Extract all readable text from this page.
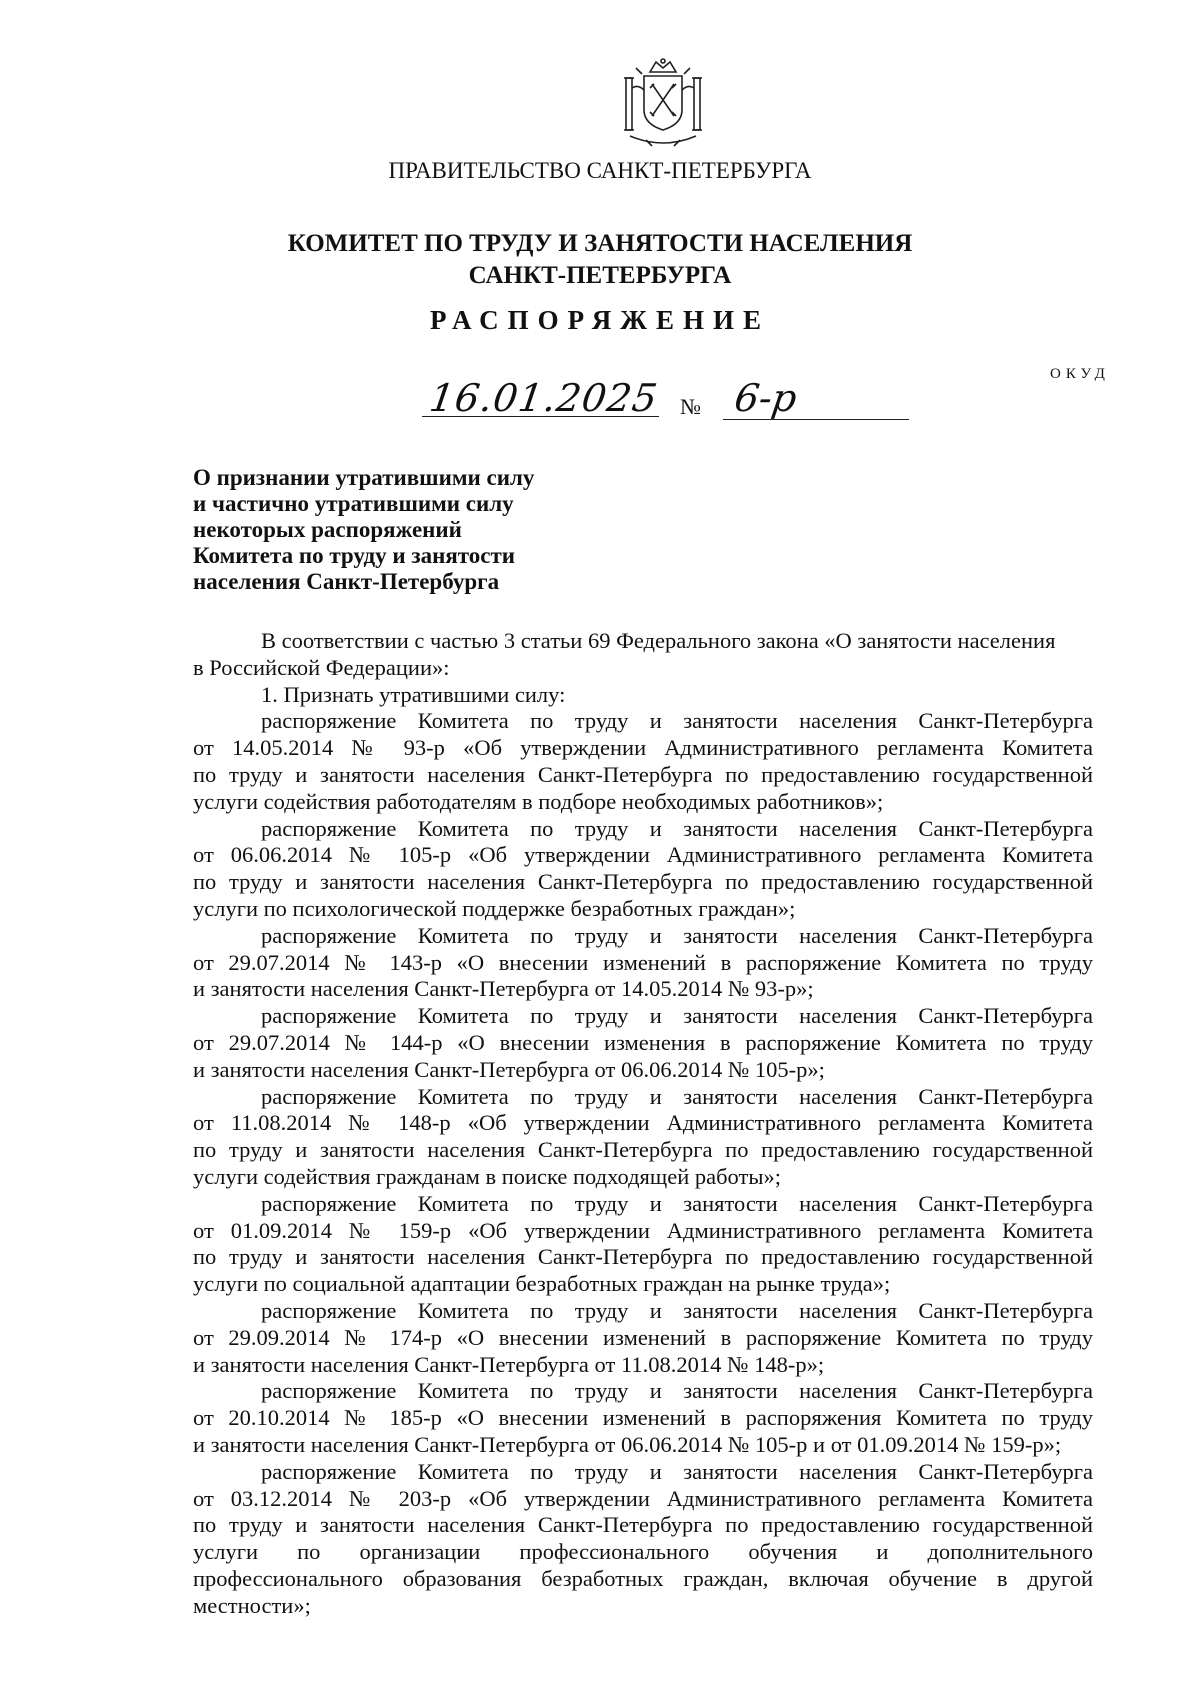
ПРАВИТЕЛЬСТВО САНКТ-ПЕТЕРБУРГА
КОМИТЕТ ПО ТРУДУ И ЗАНЯТОСТИ НАСЕЛЕНИЯ
САНКТ-ПЕТЕРБУРГА
РАСПОРЯЖЕНИЕ
ОКУД
16.01.2025 № 6-р
О признании утратившими силу
и частично утратившими силу
некоторых распоряжений
Комитета по труду и занятости
населения Санкт-Петербурга
В соответствии с частью 3 статьи 69 Федерального закона «О занятости населения
в Российской Федерации»:
1. Признать утратившими силу:
распоряжение Комитета по труду и занятости населения Санкт-Петербурга
от 14.05.2014 № 93-р «Об утверждении Административного регламента Комитета
по труду и занятости населения Санкт-Петербурга по предоставлению государственной
услуги содействия работодателям в подборе необходимых работников»;
распоряжение Комитета по труду и занятости населения Санкт-Петербурга
от 06.06.2014 № 105-р «Об утверждении Административного регламента Комитета
по труду и занятости населения Санкт-Петербурга по предоставлению государственной
услуги по психологической поддержке безработных граждан»;
распоряжение Комитета по труду и занятости населения Санкт-Петербурга
от 29.07.2014 № 143-р «О внесении изменений в распоряжение Комитета по труду
и занятости населения Санкт-Петербурга от 14.05.2014 № 93-р»;
распоряжение Комитета по труду и занятости населения Санкт-Петербурга
от 29.07.2014 № 144-р «О внесении изменения в распоряжение Комитета по труду
и занятости населения Санкт-Петербурга от 06.06.2014 № 105-р»;
распоряжение Комитета по труду и занятости населения Санкт-Петербурга
от 11.08.2014 № 148-р «Об утверждении Административного регламента Комитета
по труду и занятости населения Санкт-Петербурга по предоставлению государственной
услуги содействия гражданам в поиске подходящей работы»;
распоряжение Комитета по труду и занятости населения Санкт-Петербурга
от 01.09.2014 № 159-р «Об утверждении Административного регламента Комитета
по труду и занятости населения Санкт-Петербурга по предоставлению государственной
услуги по социальной адаптации безработных граждан на рынке труда»;
распоряжение Комитета по труду и занятости населения Санкт-Петербурга
от 29.09.2014 № 174-р «О внесении изменений в распоряжение Комитета по труду
и занятости населения Санкт-Петербурга от 11.08.2014 № 148-р»;
распоряжение Комитета по труду и занятости населения Санкт-Петербурга
от 20.10.2014 № 185-р «О внесении изменений в распоряжения Комитета по труду
и занятости населения Санкт-Петербурга от 06.06.2014 № 105-р и от 01.09.2014 № 159-р»;
распоряжение Комитета по труду и занятости населения Санкт-Петербурга
от 03.12.2014 № 203-р «Об утверждении Административного регламента Комитета
по труду и занятости населения Санкт-Петербурга по предоставлению государственной
услуги по организации профессионального обучения и дополнительного
профессионального образования безработных граждан, включая обучение в другой
местности»;
